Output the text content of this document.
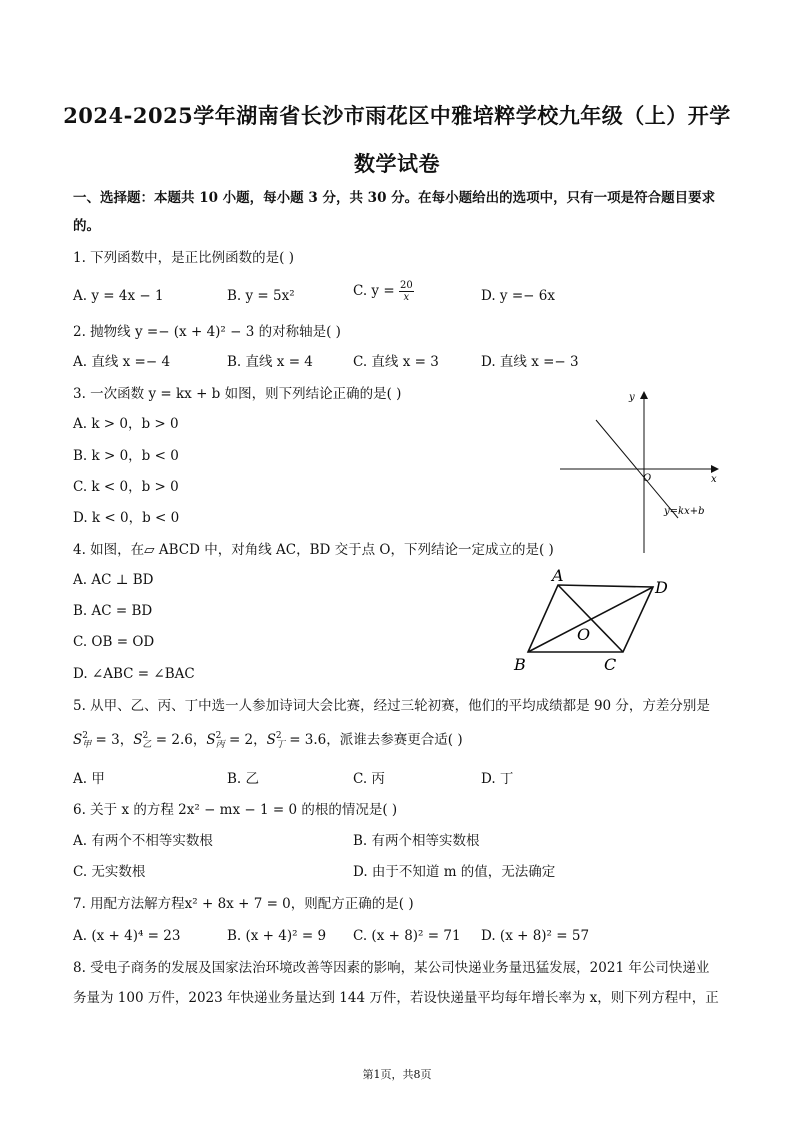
2024-2025学年湖南省长沙市雨花区中雅培粹学校九年级（上）开学
数学试卷
一、选择题：本题共 10 小题，每小题 3 分，共 30 分。在每小题给出的选项中，只有一项是符合题目要求
的。
1. 下列函数中，是正比例函数的是( )
A. y = 4x − 1	B. y = 5x²	C. $y = \frac{20}{x}$	D. y =− 6x
2. 抛物线 y =− (x + 4)² − 3 的对称轴是( )
A. 直线 x =− 4	B. 直线 x = 4	C. 直线 x = 3	D. 直线 x =− 3
3. 一次函数 y = kx + b 如图，则下列结论正确的是( )
A. k > 0，b > 0
B. k > 0，b < 0
C. k < 0，b > 0
D. k < 0，b < 0
y
x
O
y=kx+b
4. 如图，在▱ ABCD 中，对角线 AC，BD 交于点 O，下列结论一定成立的是( )
A. AC ⊥ BD
B. AC = BD
C. OB = OD
D. ∠ABC = ∠BAC
A
D
B	C
O
5. 从甲、乙、丙、丁中选一人参加诗词大会比赛，经过三轮初赛，他们的平均成绩都是 90 分，方差分别是
S 2
甲 = 3，S 2
乙 = 2.6，S 2
丙 = 2，S 2
丁 = 3.6，派谁去参赛更合适( )
A. 甲	B. 乙	C. 丙	D. 丁
6. 关于 x 的方程 2x² − mx − 1 = 0 的根的情况是( )
A. 有两个不相等实数根	B. 有两个相等实数根
C. 无实数根	D. 由于不知道 m 的值，无法确定
7. 用配方法解方程x² + 8x + 7 = 0，则配方正确的是( )
A. (x + 4)⁴ = 23	B. (x + 4)² = 9 C. (x + 8)² = 71 D. (x + 8)² = 57
8. 受电子商务的发展及国家法治环境改善等因素的影响，某公司快递业务量迅猛发展，2021 年公司快递业
务量为 100 万件，2023 年快递业务量达到 144 万件，若设快递量平均每年增长率为 x，则下列方程中，正
第1页，共8页
